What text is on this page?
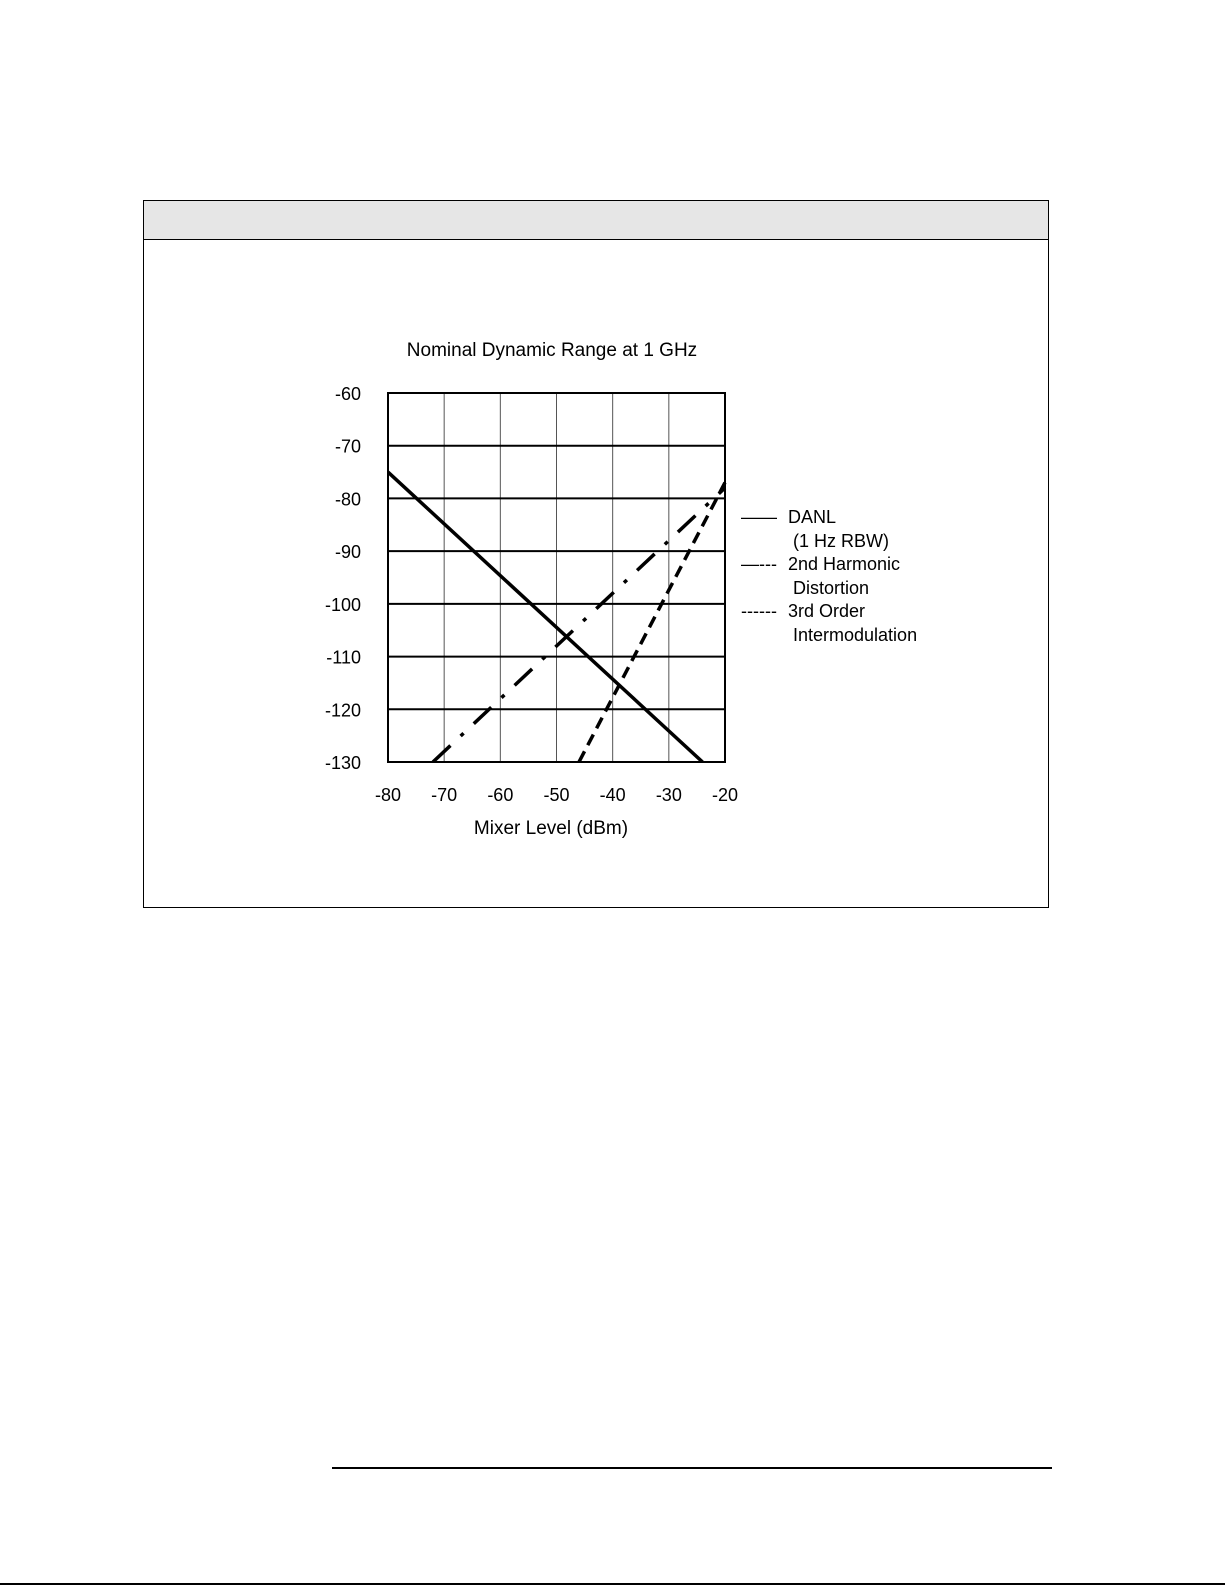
Nominal Dynamic Range at 1 GHz
-80 -70 -60 -50 -40 -30 -20
-60
-70
-80
-90
-100
-110
-120
-130
Mixer Level (dBm)
—— DANL
(1 Hz RBW)
—--- 2nd Harmonic
Distortion
------ 3rd Order
Intermodulation
